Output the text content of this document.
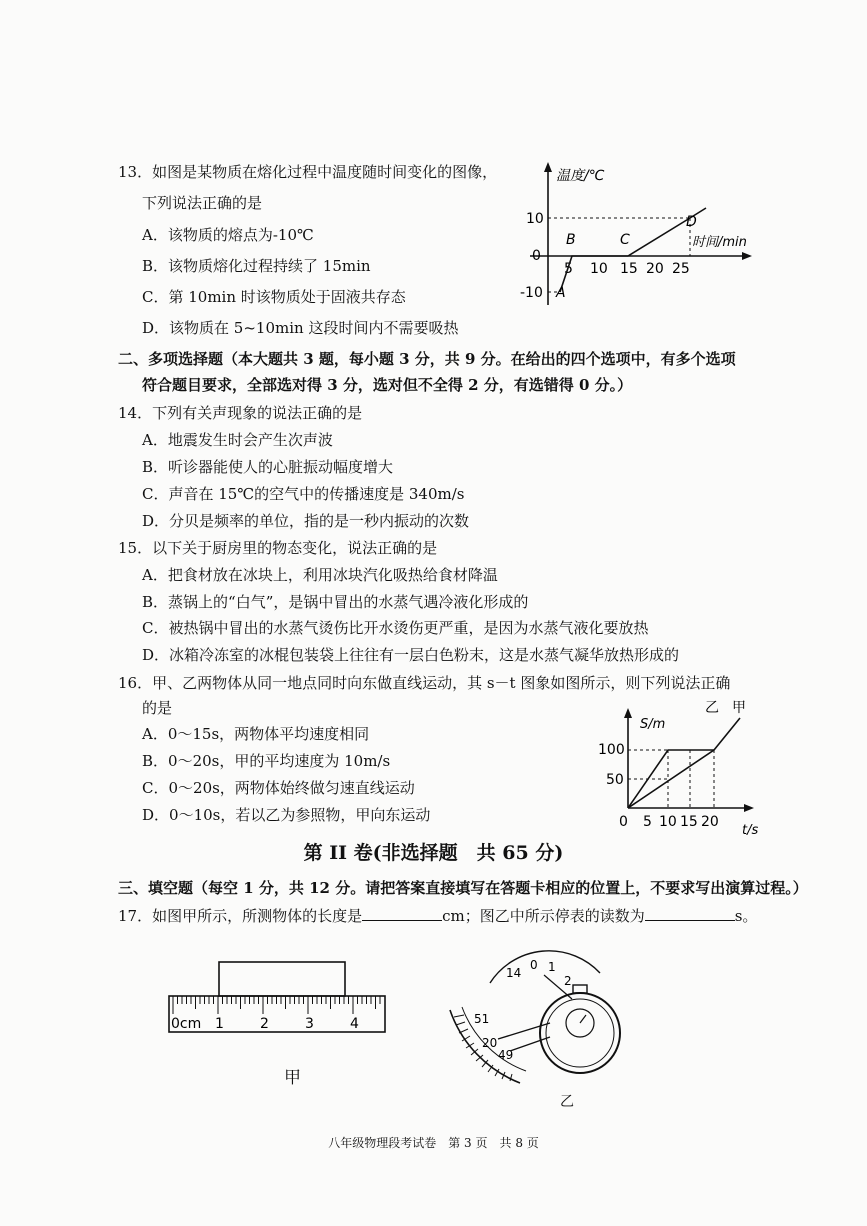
13．如图是某物质在熔化过程中温度随时间变化的图像，
下列说法正确的是
A．该物质的熔点为-10℃
B．该物质熔化过程持续了 15min
C．第 10min 时该物质处于固液共存态
D．该物质在 5~10min 这段时间内不需要吸热
温度/℃
时间/min
10
0
-10
5 10 15 20 25
A
B	C
D
二、多项选择题（本大题共 3 题，每小题 3 分，共 9 分。在给出的四个选项中，有多个选项
符合题目要求，全部选对得 3 分，选对但不全得 2 分，有选错得 0 分。）
14．下列有关声现象的说法正确的是
A．地震发生时会产生次声波
B．听诊器能使人的心脏振动幅度增大
C．声音在 15℃的空气中的传播速度是 340m/s
D．分贝是频率的单位，指的是一秒内振动的次数
15．以下关于厨房里的物态变化，说法正确的是
A．把食材放在冰块上，利用冰块汽化吸热给食材降温
B．蒸锅上的“白气”，是锅中冒出的水蒸气遇冷液化形成的
C．被热锅中冒出的水蒸气烫伤比开水烫伤更严重，是因为水蒸气液化要放热
D．冰箱冷冻室的冰棍包装袋上往往有一层白色粉末，这是水蒸气凝华放热形成的
16．甲、乙两物体从同一地点同时向东做直线运动，其 s－t 图象如图所示，则下列说法正确
的是
A．0～15s，两物体平均速度相同
B．0～20s，甲的平均速度为 10m/s
C．0～20s，两物体始终做匀速直线运动
D．0～10s，若以乙为参照物，甲向东运动
S/m
t/s
乙 甲
100
50
0 5 10 15 20
第 II 卷(非选择题　共 65 分)
三、填空题（每空 1 分，共 12 分。请把答案直接填写在答题卡相应的位置上，不要求写出演算过程。）
17．如图甲所示，所测物体的长度是	cm；图乙中所示停表的读数为	s。
0cm 1	2	3	4
甲
51
20
49
14
0 1
2
乙
八年级物理段考试卷　第 3 页　共 8 页
